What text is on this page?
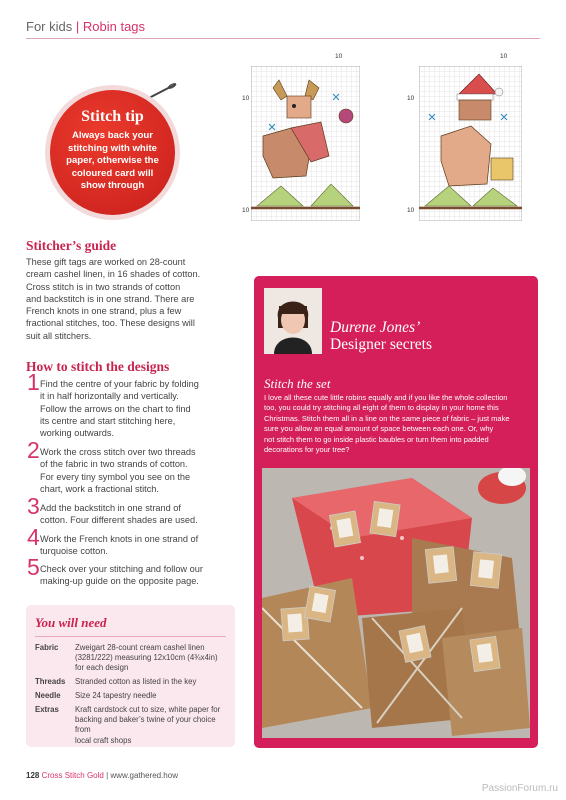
For kids | Robin tags
Stitch tip
Always back your
stitching with white
paper, otherwise the
coloured card will
show through
10
10
10
10
10
10
Stitcher’s guide
These gift tags are worked on 28-count
cream cashel linen, in 16 shades of cotton.
Cross stitch is in two strands of cotton
and backstitch is in one strand. There are
French knots in one strand, plus a few
fractional stitches, too. These designs will
suit all stitchers.
How to stitch the designs
1 Find the centre of your fabric by folding
it in half horizontally and vertically.
Follow the arrows on the chart to find
its centre and start stitching here,
working outwards.
2 Work the cross stitch over two threads
of the fabric in two strands of cotton.
For every tiny symbol you see on the
chart, work a fractional stitch.
3 Add the backstitch in one strand of
cotton. Four different shades are used.
4 Work the French knots in one strand of
turquoise cotton.
5 Check over your stitching and follow our
making-up guide on the opposite page.
You will need
Fabric Zweigart 28-count cream cashel linen
(3281/222) measuring 12x10cm (4¾x4in)
for each design
Threads Stranded cotton as listed in the key
Needle Size 24 tapestry needle
Extras Kraft cardstock cut to size, white paper for
backing and baker’s twine of your choice from
local craft shops
Durene Jones’
Designer secrets
Stitch the set
I love all these cute little robins equally and if you like the whole collection
too, you could try stitching all eight of them to display in your home this
Christmas. Stitch them all in a line on the same piece of fabric – just make
sure you allow an equal amount of space between each one. Or, why
not stitch them to go inside plastic baubles or turn them into padded
decorations for your tree?
128 Cross Stitch Gold | www.gathered.how
PassionForum.ru
